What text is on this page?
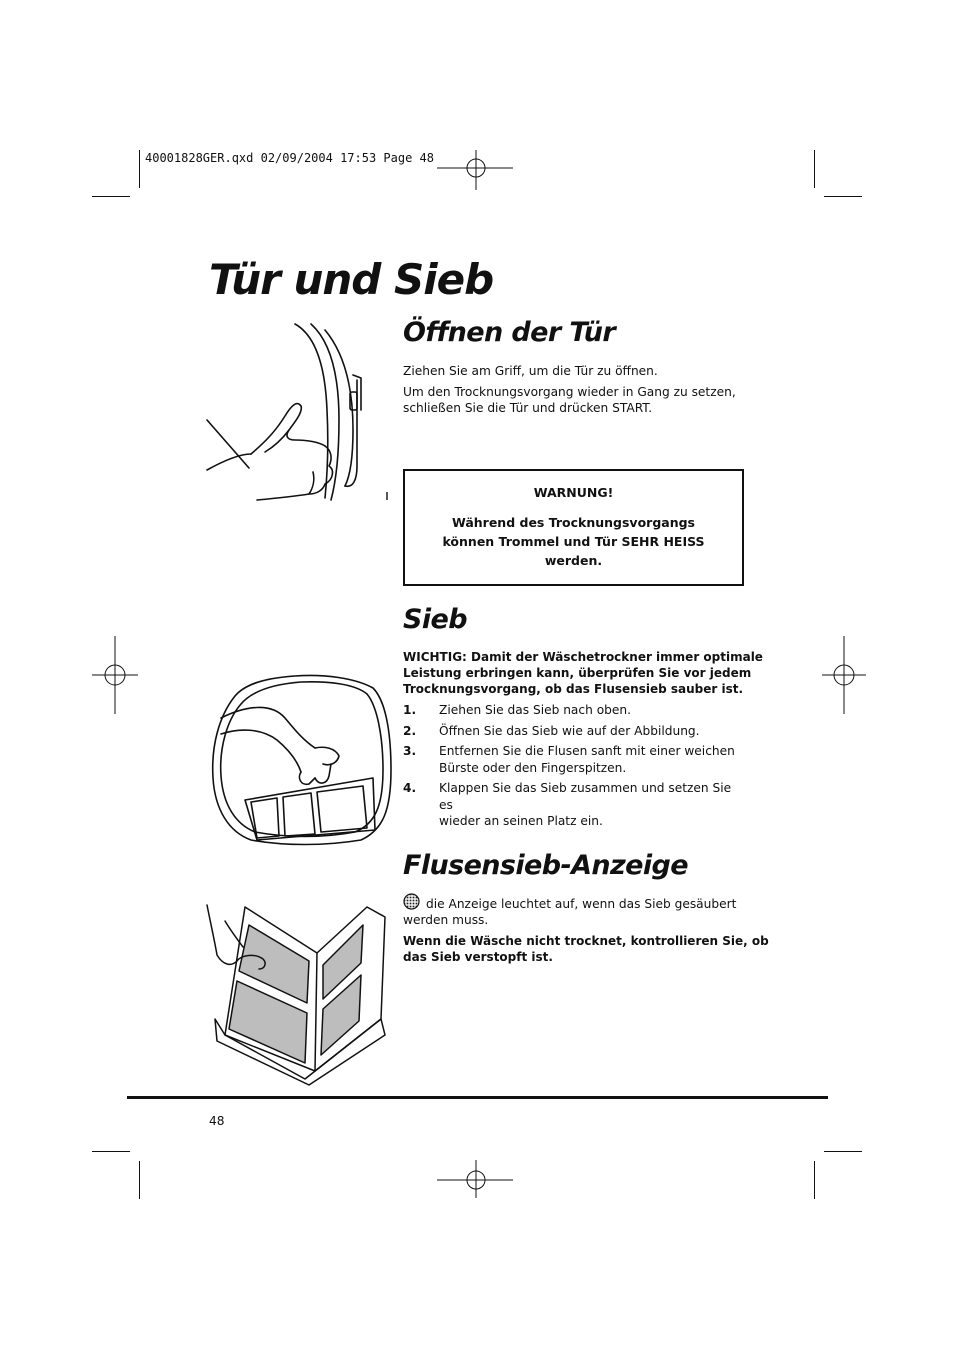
40001828GER.qxd 02/09/2004 17:53 Page 48
Tür und Sieb
Öffnen der Tür
Ziehen Sie am Griff, um die Tür zu öffnen.
Um den Trocknungsvorgang wieder in Gang zu setzen,
schließen Sie die Tür und drücken START.
WARNUNG!
Während des Trocknungsvorgangs
können Trommel und Tür SEHR HEISS
werden.
Sieb
WICHTIG: Damit der Wäschetrockner immer optimale
Leistung erbringen kann, überprüfen Sie vor jedem
Trocknungsvorgang, ob das Flusensieb sauber ist.
1. Ziehen Sie das Sieb nach oben.
2. Öffnen Sie das Sieb wie auf der Abbildung.
3. Entfernen Sie die Flusen sanft mit einer weichen
Bürste oder den Fingerspitzen.
4. Klappen Sie das Sieb zusammen und setzen Sie es
wieder an seinen Platz ein.
Flusensieb-Anzeige
die Anzeige leuchtet auf, wenn das Sieb gesäubert
werden muss.
Wenn die Wäsche nicht trocknet, kontrollieren Sie, ob
das Sieb verstopft ist.
48
